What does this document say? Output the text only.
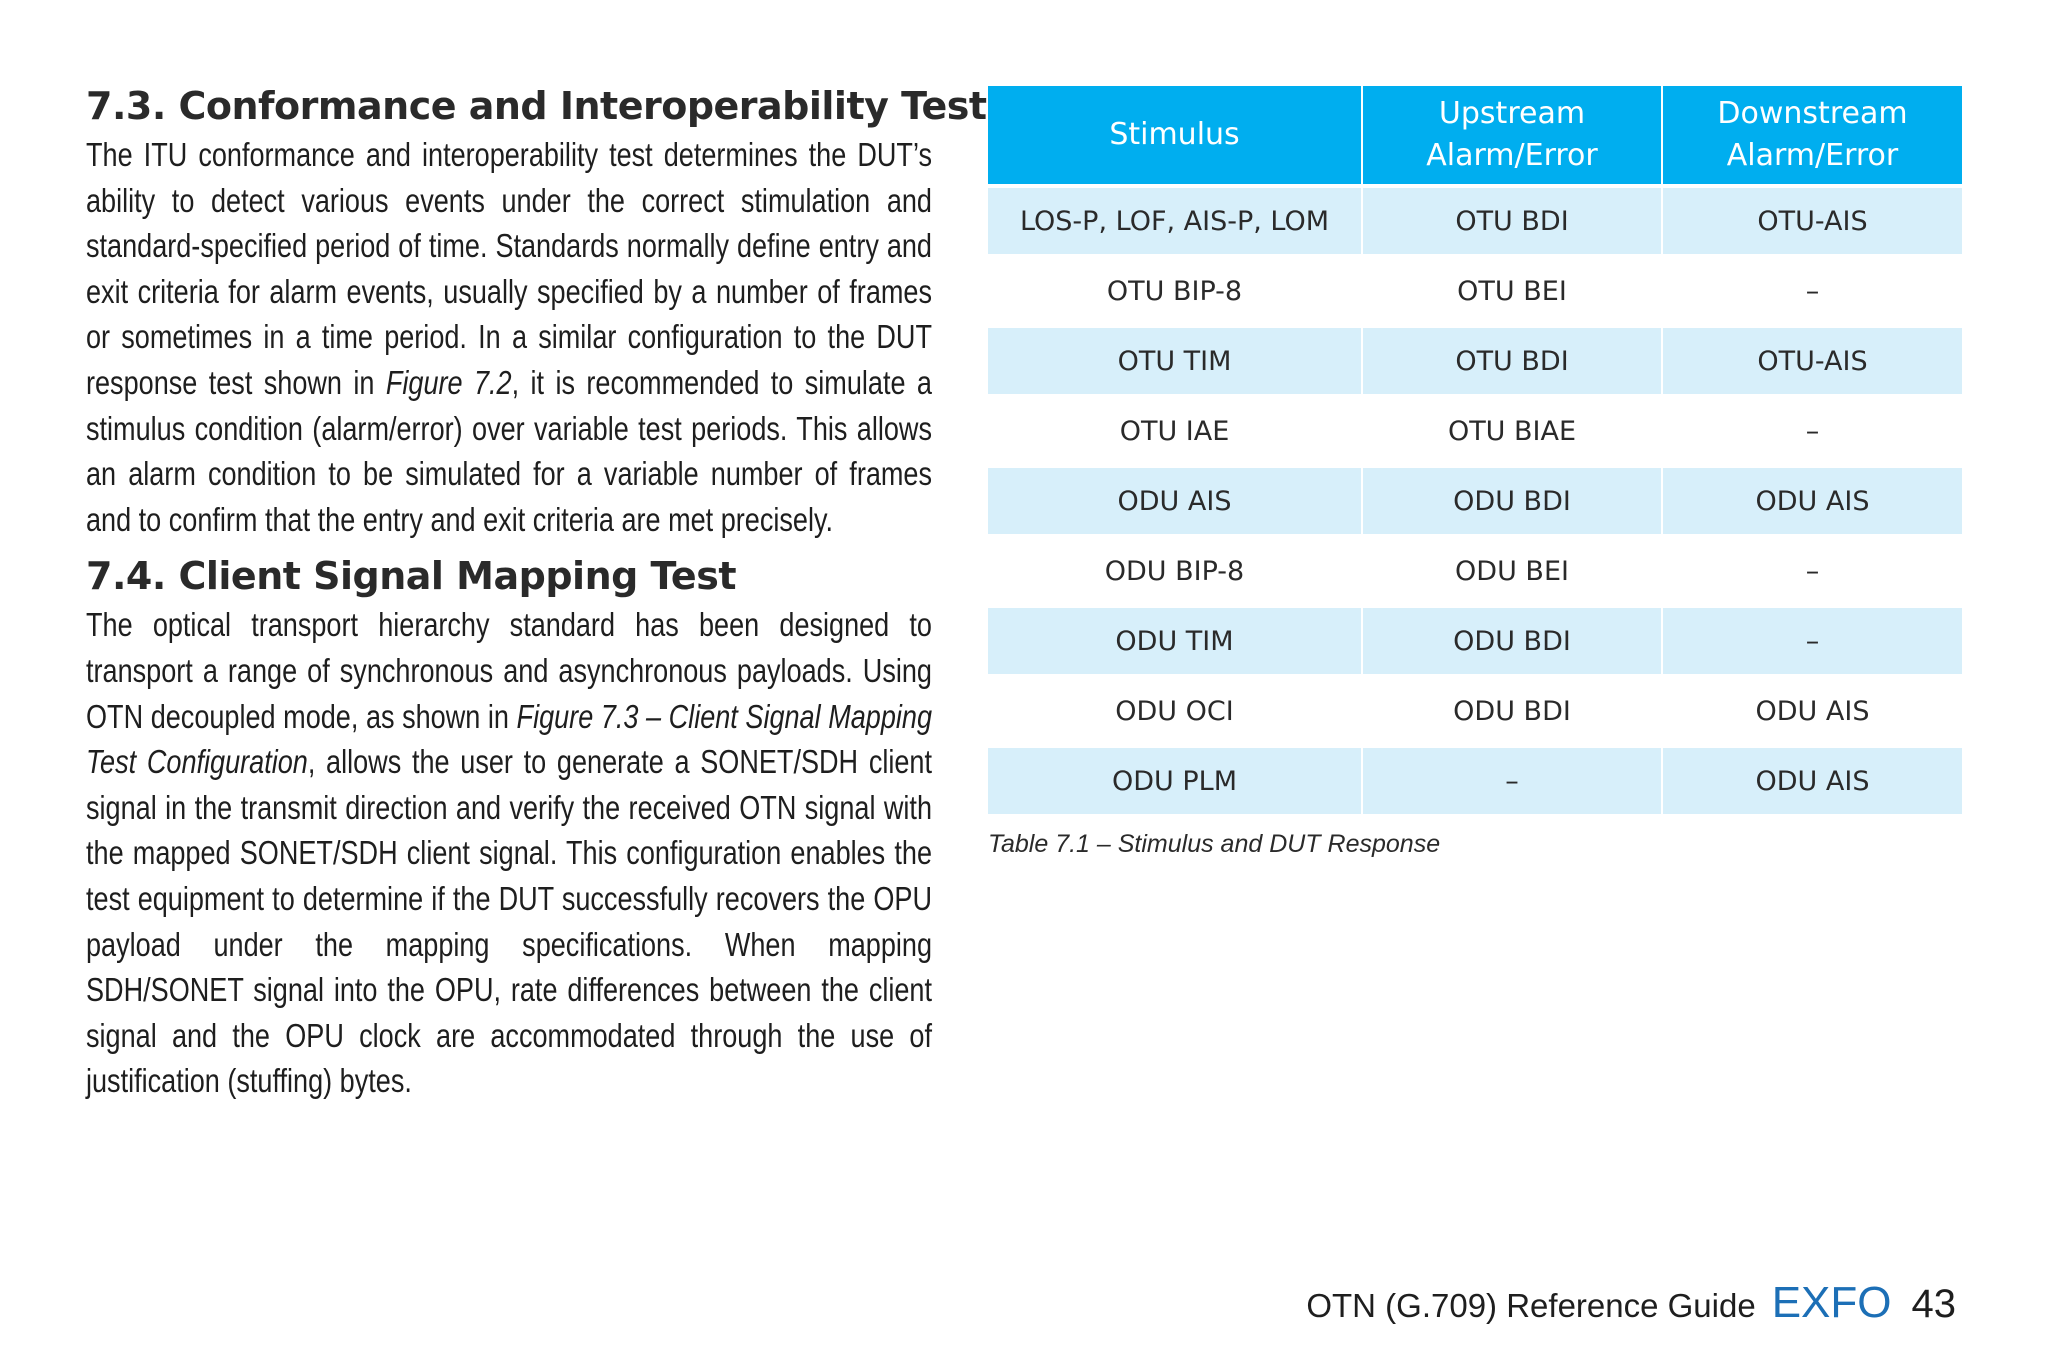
7.3. Conformance and Interoperability Test

The ITU conformance and interoperability test determines the DUT’s ability to detect various events under the correct stimulation and standard-specified period of time. Standards normally define entry and exit criteria for alarm events, usually specified by a number of frames or sometimes in a time period. In a similar configuration to the DUT response test shown in Figure 7.2, it is recommended to simulate a stimulus condition (alarm/error) over variable test periods. This allows an alarm condition to be simulated for a variable number of frames and to confirm that the entry and exit criteria are met precisely.

7.4. Client Signal Mapping Test

The optical transport hierarchy standard has been designed to transport a range of synchronous and asynchronous payloads. Using OTN decoupled mode, as shown in Figure 7.3 – Client Signal Mapping Test Configuration, allows the user to generate a SONET/SDH client signal in the transmit direction and verify the received OTN signal with the mapped SONET/SDH client signal. This configuration enables the test equipment to determine if the DUT successfully recovers the OPU payload under the mapping specifications. When mapping SDH/SONET signal into the OPU, rate differences between the client signal and the OPU clock are accommodated through the use of justification (stuffing) bytes.

Stimulus	Upstream Alarm/Error	Downstream Alarm/Error
LOS-P, LOF, AIS-P, LOM	OTU BDI	OTU-AIS
OTU BIP-8	OTU BEI	–
OTU TIM	OTU BDI	OTU-AIS
OTU IAE	OTU BIAE	–
ODU AIS	ODU BDI	ODU AIS
ODU BIP-8	ODU BEI	–
ODU TIM	ODU BDI	–
ODU OCI	ODU BDI	ODU AIS
ODU PLM	–	ODU AIS
Table 7.1 – Stimulus and DUT Response
OTN (G.709) Reference Guide EXFO 43
